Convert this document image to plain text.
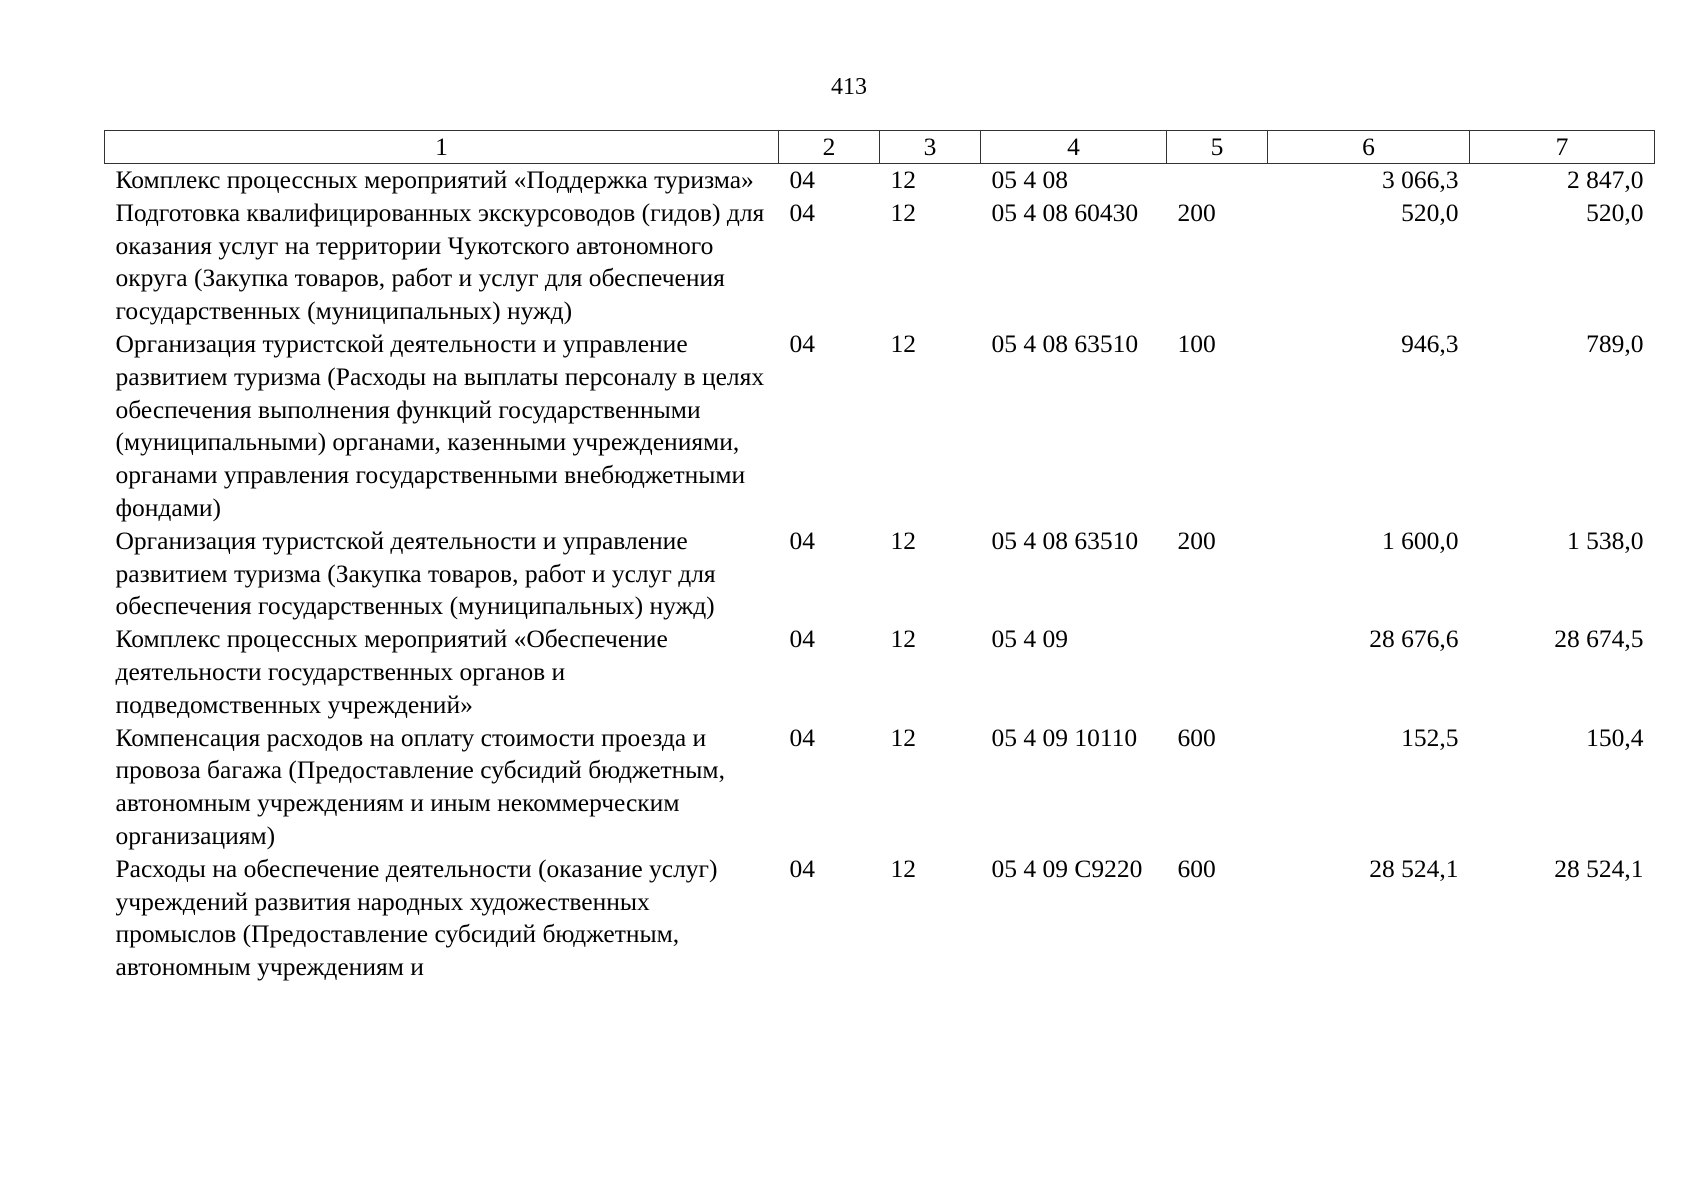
413
1	2	3	4	5	6	7
Комплекс процессных мероприятий «Поддержка туризма»	04	12	05 4 08		3 066,3	2 847,0
Подготовка квалифицированных экскурсоводов (гидов) для оказания услуг на территории Чукотского автономного округа (Закупка товаров, работ и услуг для обеспечения государственных (муниципальных) нужд)	04	12	05 4 08 60430	200	520,0	520,0
Организация туристской деятельности и управление развитием туризма (Расходы на выплаты персоналу в целях обеспечения выполнения функций государственными (муниципальными) органами, казенными учреждениями, органами управления государственными внебюджетными фондами)	04	12	05 4 08 63510	100	946,3	789,0
Организация туристской деятельности и управление развитием туризма (Закупка товаров, работ и услуг для обеспечения государственных (муниципальных) нужд)	04	12	05 4 08 63510	200	1 600,0	1 538,0
Комплекс процессных мероприятий «Обеспечение деятельности государственных органов и подведомственных учреждений»	04	12	05 4 09		28 676,6	28 674,5
Компенсация расходов на оплату стоимости проезда и провоза багажа (Предоставление субсидий бюджетным, автономным учреждениям и иным некоммерческим организациям)	04	12	05 4 09 10110	600	152,5	150,4
Расходы на обеспечение деятельности (оказание услуг) учреждений развития народных художественных промыслов (Предоставление субсидий бюджетным, автономным учреждениям и	04	12	05 4 09 С9220	600	28 524,1	28 524,1
